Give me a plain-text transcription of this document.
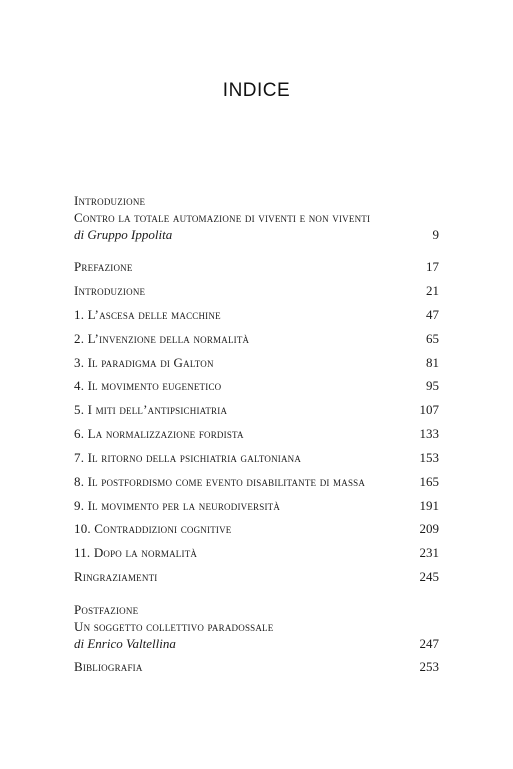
INDICE
Introduzione
Contro la totale automazione di viventi e non viventi
di Gruppo Ippolita	9
Prefazione	17
Introduzione	21
1. L’ascesa delle macchine	47
2. L’invenzione della normalità	65
3. Il paradigma di Galton	81
4. Il movimento eugenetico	95
5. I miti dell’antipsichiatria	107
6. La normalizzazione fordista	133
7. Il ritorno della psichiatria galtoniana	153
8. Il postfordismo come evento disabilitante di massa	165
9. Il movimento per la neurodiversità	191
10. Contraddizioni cognitive	209
11. Dopo la normalità	231
Ringraziamenti	245
Postfazione
Un soggetto collettivo paradossale
di Enrico Valtellina	247
Bibliografia	253
